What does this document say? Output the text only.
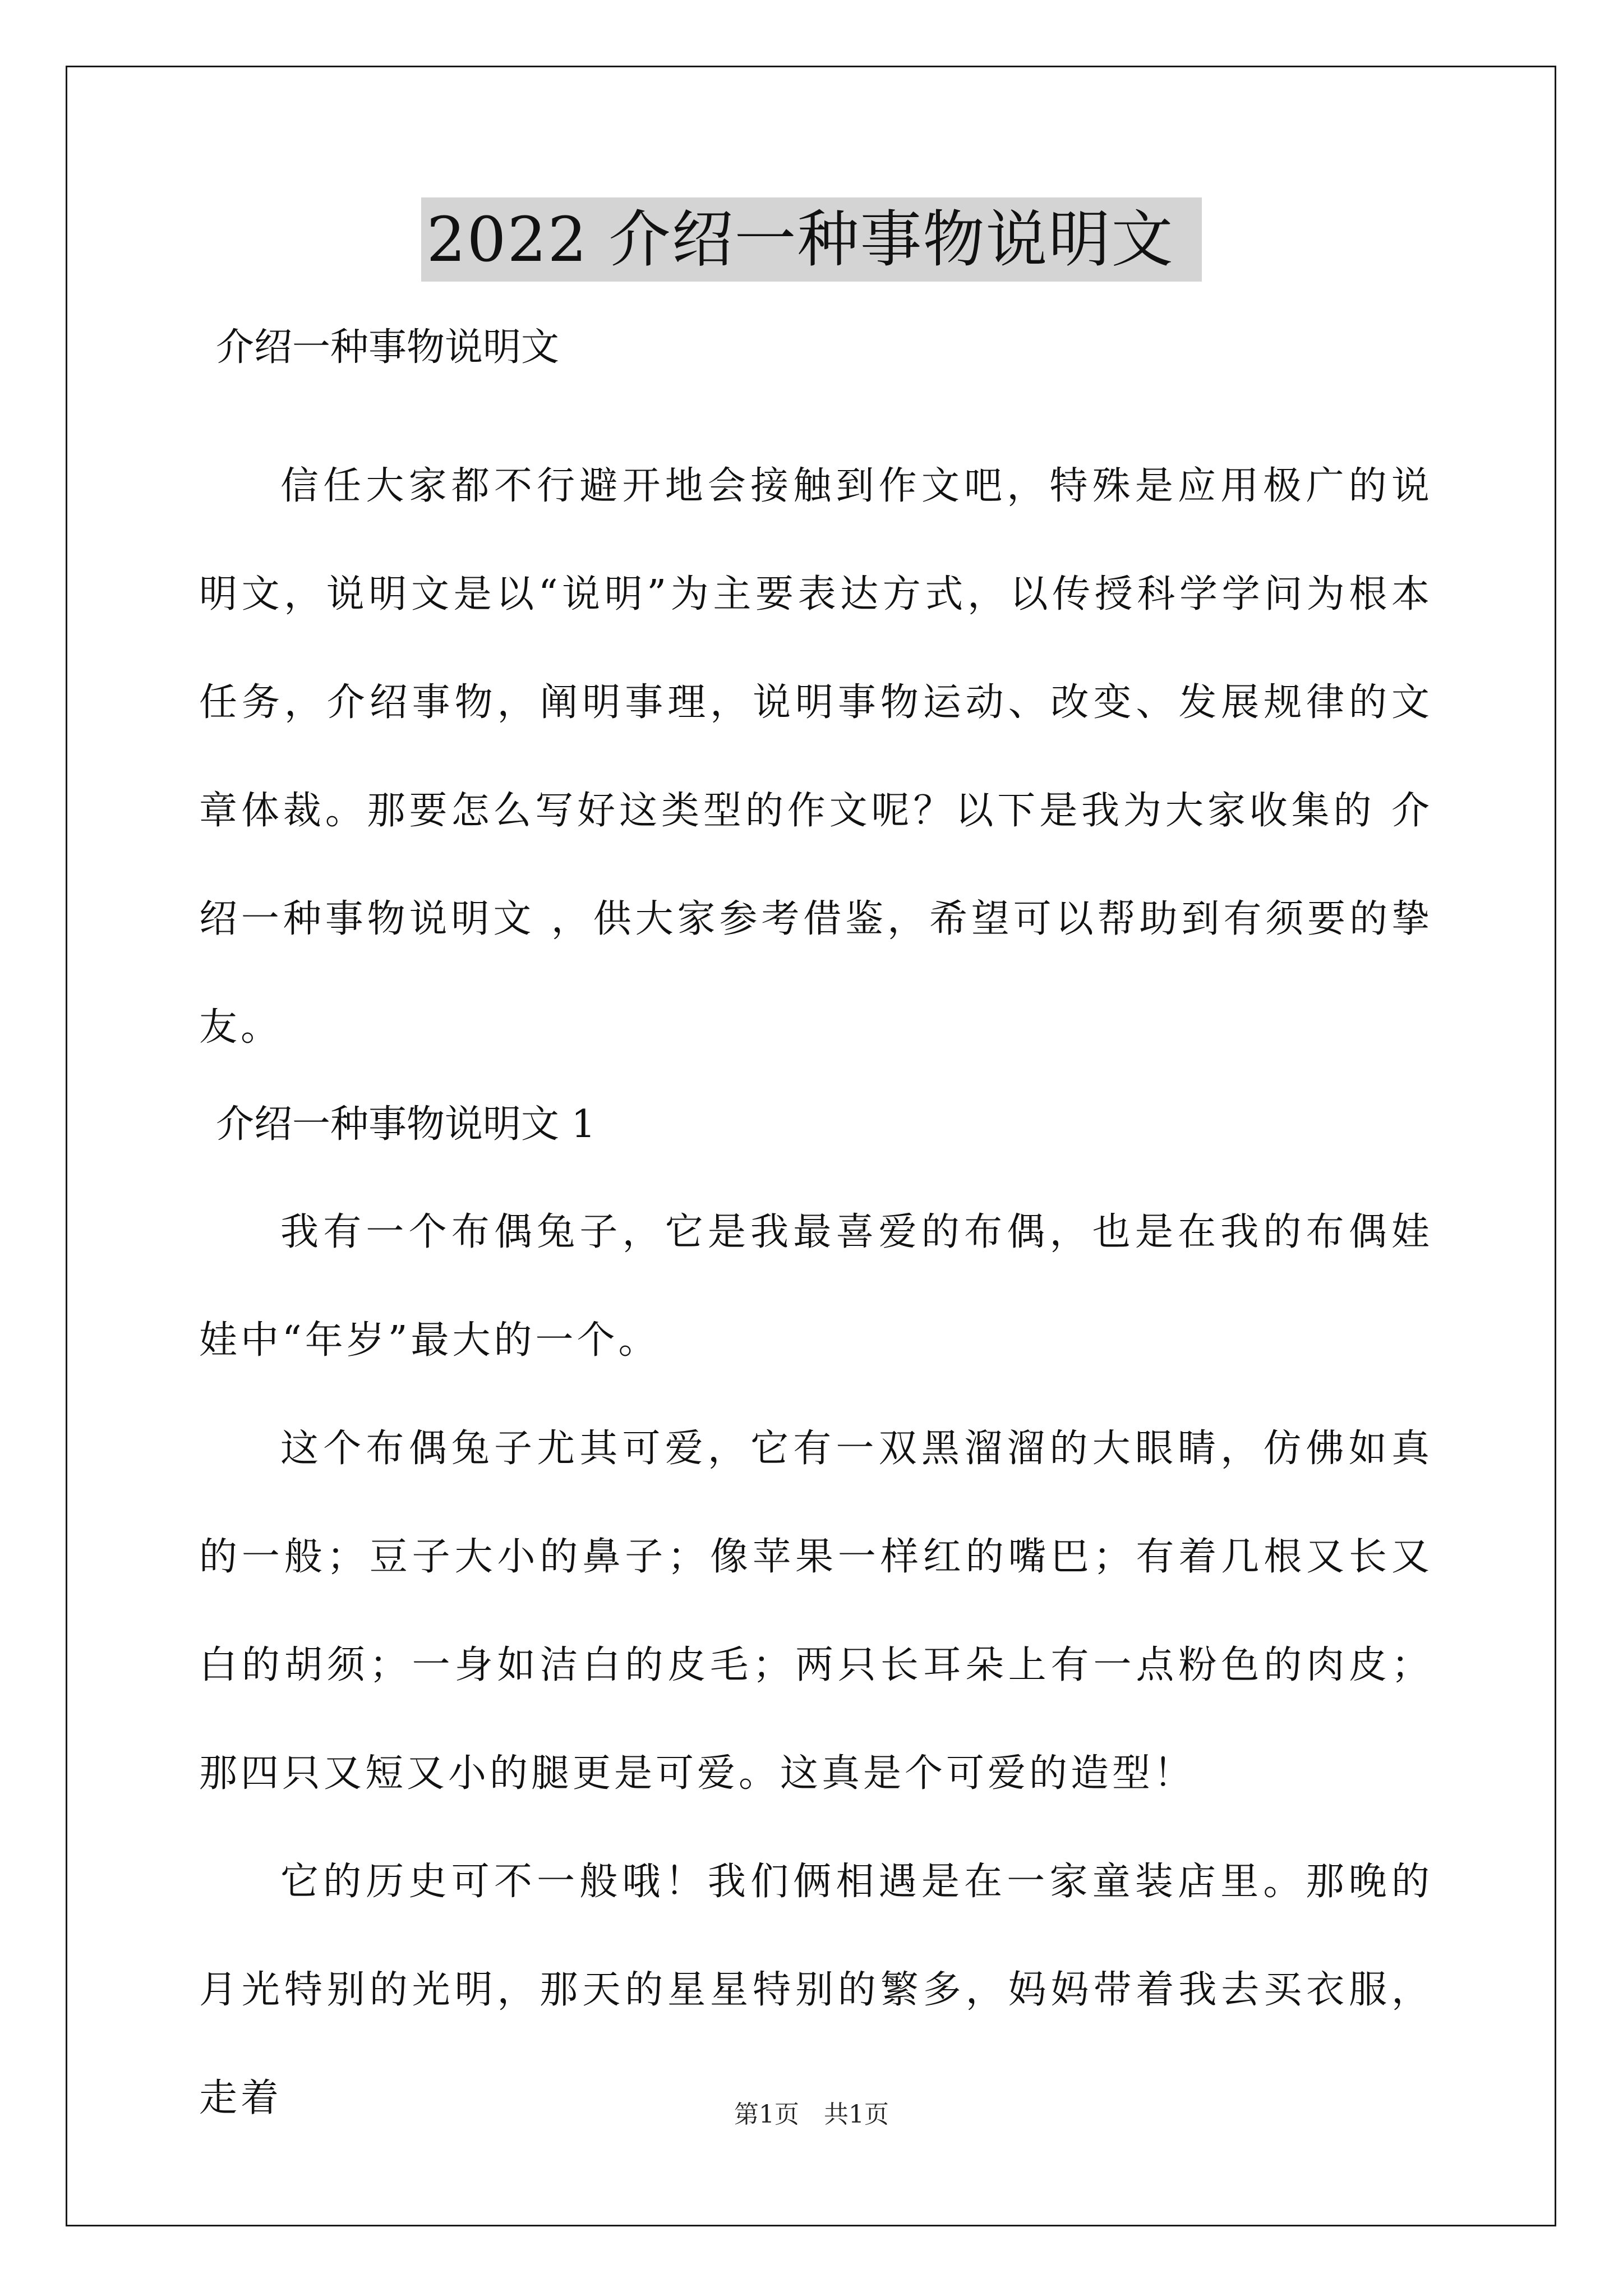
2022 介绍一种事物说明文
介绍一种事物说明文
信任大家都不行避开地会接触到作文吧，特殊是应用极广的说明文，说明文是以“说明”为主要表达方式，以传授科学学问为根本任务，介绍事物，阐明事理，说明事物运动、改变、发展规律的文章体裁。那要怎么写好这类型的作文呢？以下是我为大家收集的 介绍一种事物说明文 ，供大家参考借鉴，希望可以帮助到有须要的挚友。
介绍一种事物说明文 1
我有一个布偶兔子，它是我最喜爱的布偶，也是在我的布偶娃娃中“年岁”最大的一个。
这个布偶兔子尤其可爱，它有一双黑溜溜的大眼睛，仿佛如真的一般；豆子大小的鼻子；像苹果一样红的嘴巴；有着几根又长又白的胡须；一身如洁白的皮毛；两只长耳朵上有一点粉色的肉皮；那四只又短又小的腿更是可爱。这真是个可爱的造型！
它的历史可不一般哦！我们俩相遇是在一家童装店里。那晚的月光特别的光明，那天的星星特别的繁多，妈妈带着我去买衣服，走着	第1页　共1页
